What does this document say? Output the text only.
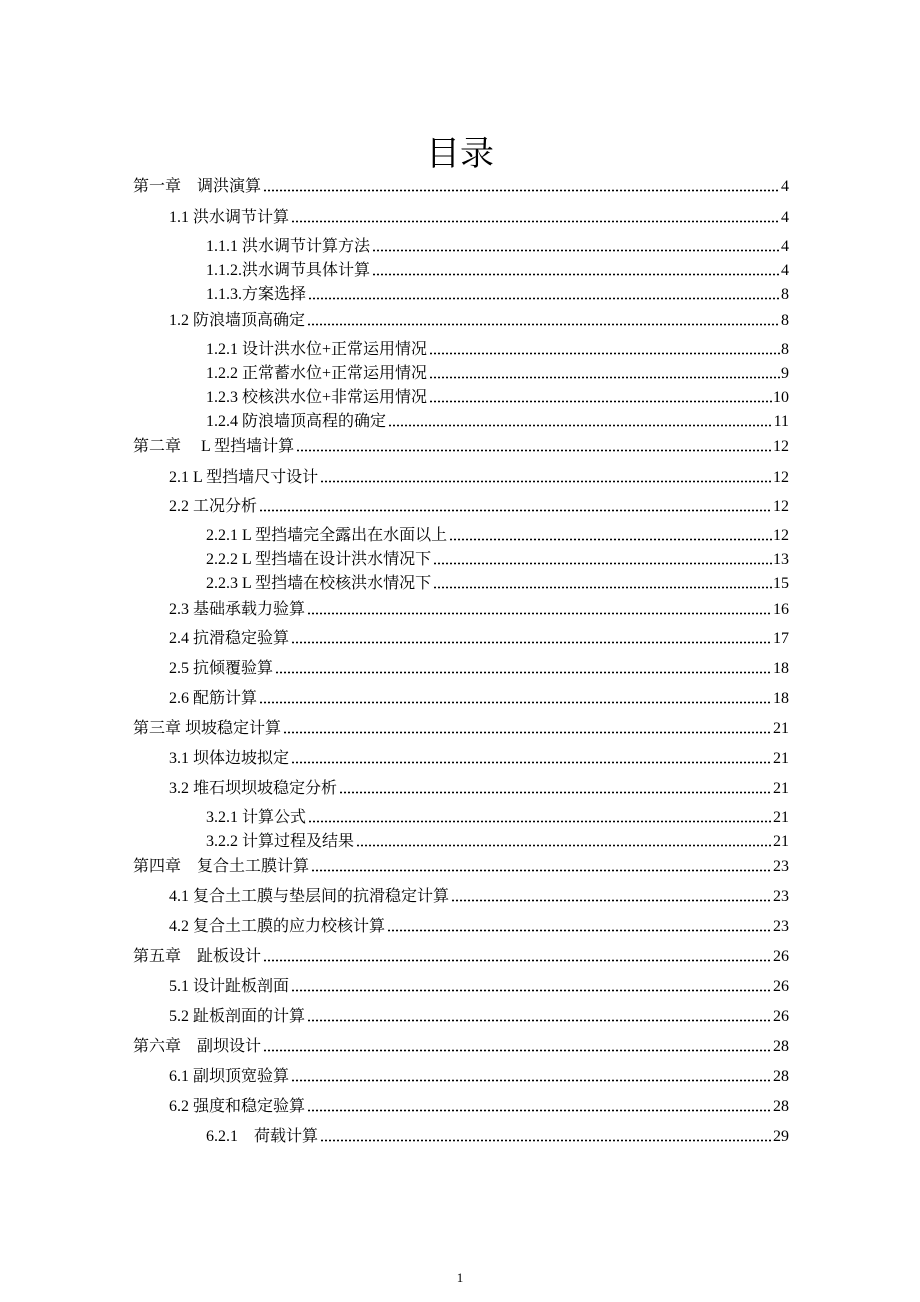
目录
第一章　调洪演算	4
1.1 洪水调节计算	4
1.1.1 洪水调节计算方法	4
1.1.2.洪水调节具体计算	4
1.1.3.方案选择	8
1.2 防浪墙顶高确定	8
1.2.1 设计洪水位+正常运用情况	8
1.2.2 正常蓄水位+正常运用情况	9
1.2.3 校核洪水位+非常运用情况	10
1.2.4 防浪墙顶高程的确定	11
第二章　 L 型挡墙计算	12
2.1 L 型挡墙尺寸设计	12
2.2 工况分析	12
2.2.1 L 型挡墙完全露出在水面以上	12
2.2.2 L 型挡墙在设计洪水情况下	13
2.2.3 L 型挡墙在校核洪水情况下	15
2.3 基础承载力验算	16
2.4 抗滑稳定验算	17
2.5 抗倾覆验算	18
2.6 配筋计算	18
第三章 坝坡稳定计算	21
3.1 坝体边坡拟定	21
3.2 堆石坝坝坡稳定分析	21
3.2.1 计算公式	21
3.2.2 计算过程及结果	21
第四章　复合土工膜计算	23
4.1 复合土工膜与垫层间的抗滑稳定计算	23
4.2 复合土工膜的应力校核计算	23
第五章　趾板设计	26
5.1 设计趾板剖面	26
5.2 趾板剖面的计算	26
第六章　副坝设计	28
6.1 副坝顶宽验算	28
6.2 强度和稳定验算	28
6.2.1　荷载计算	29
1
